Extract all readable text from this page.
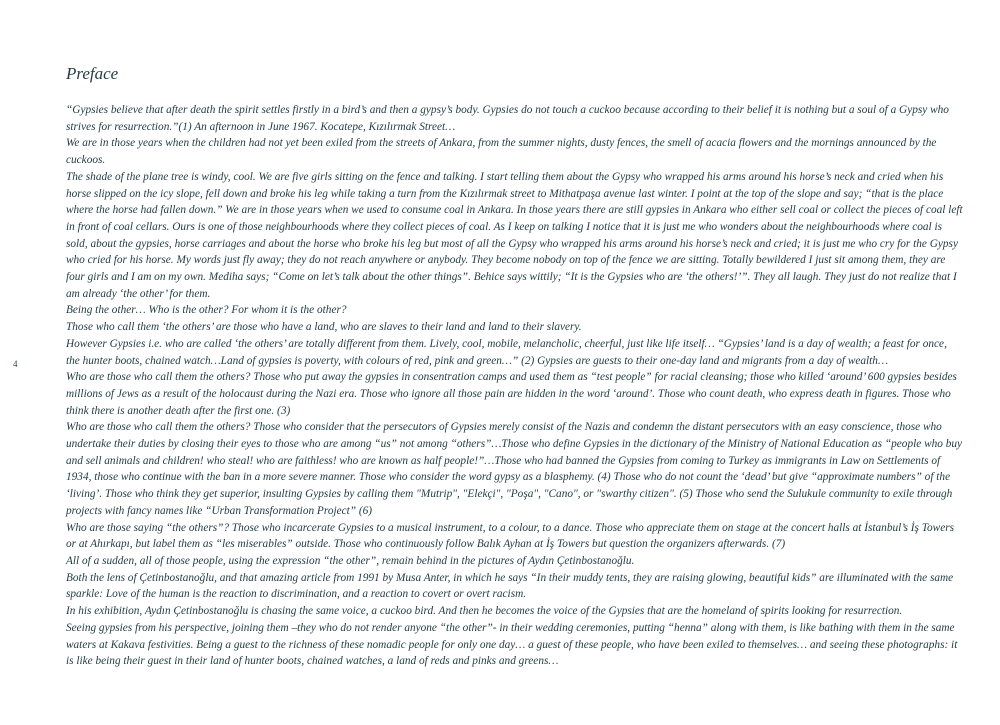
Preface
4

“Gypsies believe that after death the spirit settles firstly in a bird’s and then a gypsy’s body. Gypsies do not touch a cuckoo because according to their belief it is nothing but a soul of a Gypsy who strives for resurrection.”(1) An afternoon in June 1967. Kocatepe, Kızılırmak Street…

We are in those years when the children had not yet been exiled from the streets of Ankara, from the summer nights, dusty fences, the smell of acacia flowers and the mornings announced by the cuckoos.

The shade of the plane tree is windy, cool. We are five girls sitting on the fence and talking. I start telling them about the Gypsy who wrapped his arms around his horse’s neck and cried when his horse slipped on the icy slope, fell down and broke his leg while taking a turn from the Kızılırmak street to Mithatpaşa avenue last winter. I point at the top of the slope and say; “that is the place where the horse had fallen down.” We are in those years when we used to consume coal in Ankara. In those years there are still gypsies in Ankara who either sell coal or collect the pieces of coal left in front of coal cellars. Ours is one of those neighbourhoods where they collect pieces of coal. As I keep on talking I notice that it is just me who wonders about the neighbourhoods where coal is sold, about the gypsies, horse carriages and about the horse who broke his leg but most of all the Gypsy who wrapped his arms around his horse’s neck and cried; it is just me who cry for the Gypsy who cried for his horse. My words just fly away; they do not reach anywhere or anybody. They become nobody on top of the fence we are sitting. Totally bewildered I just sit among them, they are four girls and I am on my own. Mediha says; “Come on let’s talk about the other things”. Behice says wittily; “It is the Gypsies who are ‘the others!’”. They all laugh. They just do not realize that I am already ‘the other’ for them.

Being the other… Who is the other? For whom it is the other?

Those who call them ‘the others’ are those who have a land, who are slaves to their land and land to their slavery.

However Gypsies i.e. who are called ‘the others’ are totally different from them. Lively, cool, mobile, melancholic, cheerful, just like life itself… “Gypsies’ land is a day of wealth; a feast for once, the hunter boots, chained watch…Land of gypsies is poverty, with colours of red, pink and green…” (2) Gypsies are guests to their one-day land and migrants from a day of wealth…

Who are those who call them the others? Those who put away the gypsies in consentration camps and used them as “test people” for racial cleansing; those who killed ‘around’ 600 gypsies besides millions of Jews as a result of the holocaust during the Nazi era. Those who ignore all those pain are hidden in the word ‘around’. Those who count death, who express death in figures. Those who think there is another death after the first one. (3)

Who are those who call them the others? Those who consider that the persecutors of Gypsies merely consist of the Nazis and condemn the distant persecutors with an easy conscience, those who undertake their duties by closing their eyes to those who are among “us” not among “others”…Those who define Gypsies in the dictionary of the Ministry of National Education as “people who buy and sell animals and children! who steal! who are faithless! who are known as half people!”…Those who had banned the Gypsies from coming to Turkey as immigrants in Law on Settlements of 1934, those who continue with the ban in a more severe manner. Those who consider the word gypsy as a blasphemy. (4) Those who do not count the ‘dead’ but give “approximate numbers” of the ‘living’. Those who think they get superior, insulting Gypsies by calling them "Mutrip", "Elekçi", "Poşa", "Cano", or "swarthy citizen". (5) Those who send the Sulukule community to exile through projects with fancy names like “Urban Transformation Project” (6)

Who are those saying “the others”? Those who incarcerate Gypsies to a musical instrument, to a colour, to a dance. Those who appreciate them on stage at the concert halls at İstanbul’s İş Towers or at Ahırkapı, but label them as “les miserables” outside. Those who continuously follow Balık Ayhan at İş Towers but question the organizers afterwards. (7)

All of a sudden, all of those people, using the expression “the other”, remain behind in the pictures of Aydın Çetinbostanoğlu.

Both the lens of Çetinbostanoğlu, and that amazing article from 1991 by Musa Anter, in which he says “In their muddy tents, they are raising glowing, beautiful kids” are illuminated with the same sparkle: Love of the human is the reaction to discrimination, and a reaction to covert or overt racism.

In his exhibition, Aydın Çetinbostanoğlu is chasing the same voice, a cuckoo bird. And then he becomes the voice of the Gypsies that are the homeland of spirits looking for resurrection.

Seeing gypsies from his perspective, joining them –they who do not render anyone “the other”- in their wedding ceremonies, putting “henna” along with them, is like bathing with them in the same waters at Kakava festivities. Being a guest to the richness of these nomadic people for only one day… a guest of these people, who have been exiled to themselves… and seeing these photographs: it is like being their guest in their land of hunter boots, chained watches, a land of reds and pinks and greens…
